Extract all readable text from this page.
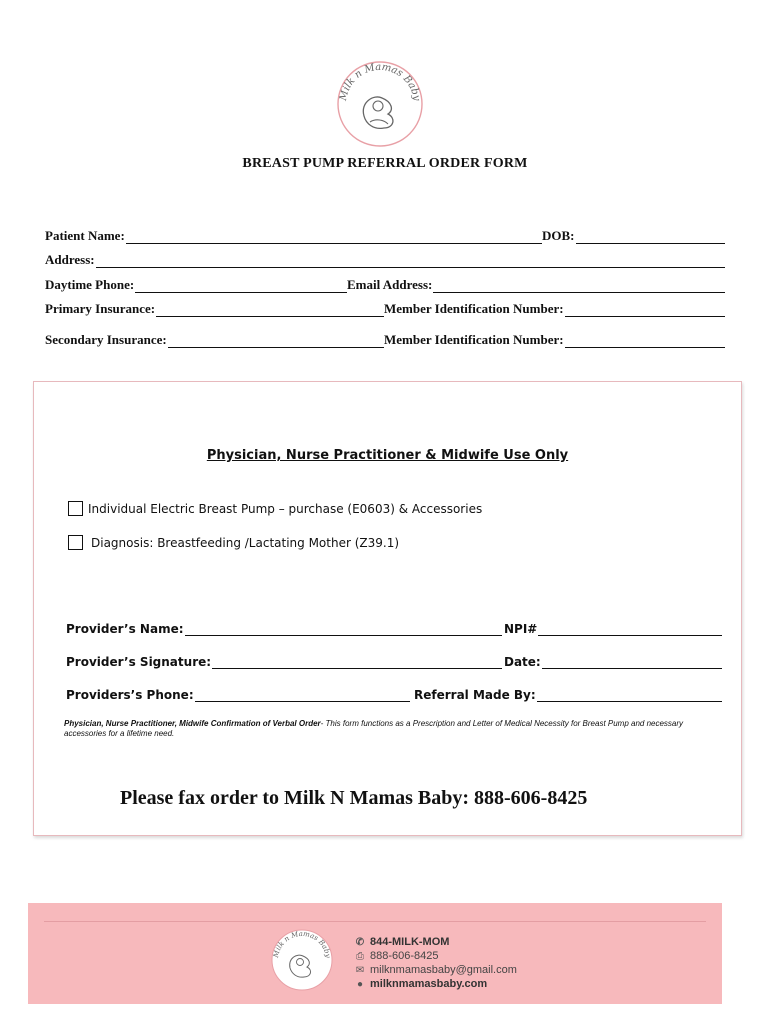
Milk n Mamas Baby
BREAST PUMP REFERRAL ORDER FORM
Patient Name:	DOB:
Address:
Daytime Phone:	Email Address:
Primary Insurance:	Member Identification Number:
Secondary Insurance:	Member Identification Number:
Physician, Nurse Practitioner & Midwife Use Only
Individual Electric Breast Pump – purchase (E0603) & Accessories
Diagnosis: Breastfeeding /Lactating Mother (Z39.1)
Provider’s Name:	NPI#
Provider’s Signature:	Date:
Providers’s Phone:	Referral Made By:
Physician, Nurse Practitioner, Midwife Confirmation of Verbal Order- This form functions as a Prescription and Letter of Medical Necessity for Breast Pump and necessary accessories for a lifetime need.
Please fax order to Milk N Mamas Baby: 888-606-8425
Milk n Mamas Baby
✆ 844-MILK-MOM
⎙ 888-606-8425
✉ milknmamasbaby@gmail.com
● milknmamasbaby.com
